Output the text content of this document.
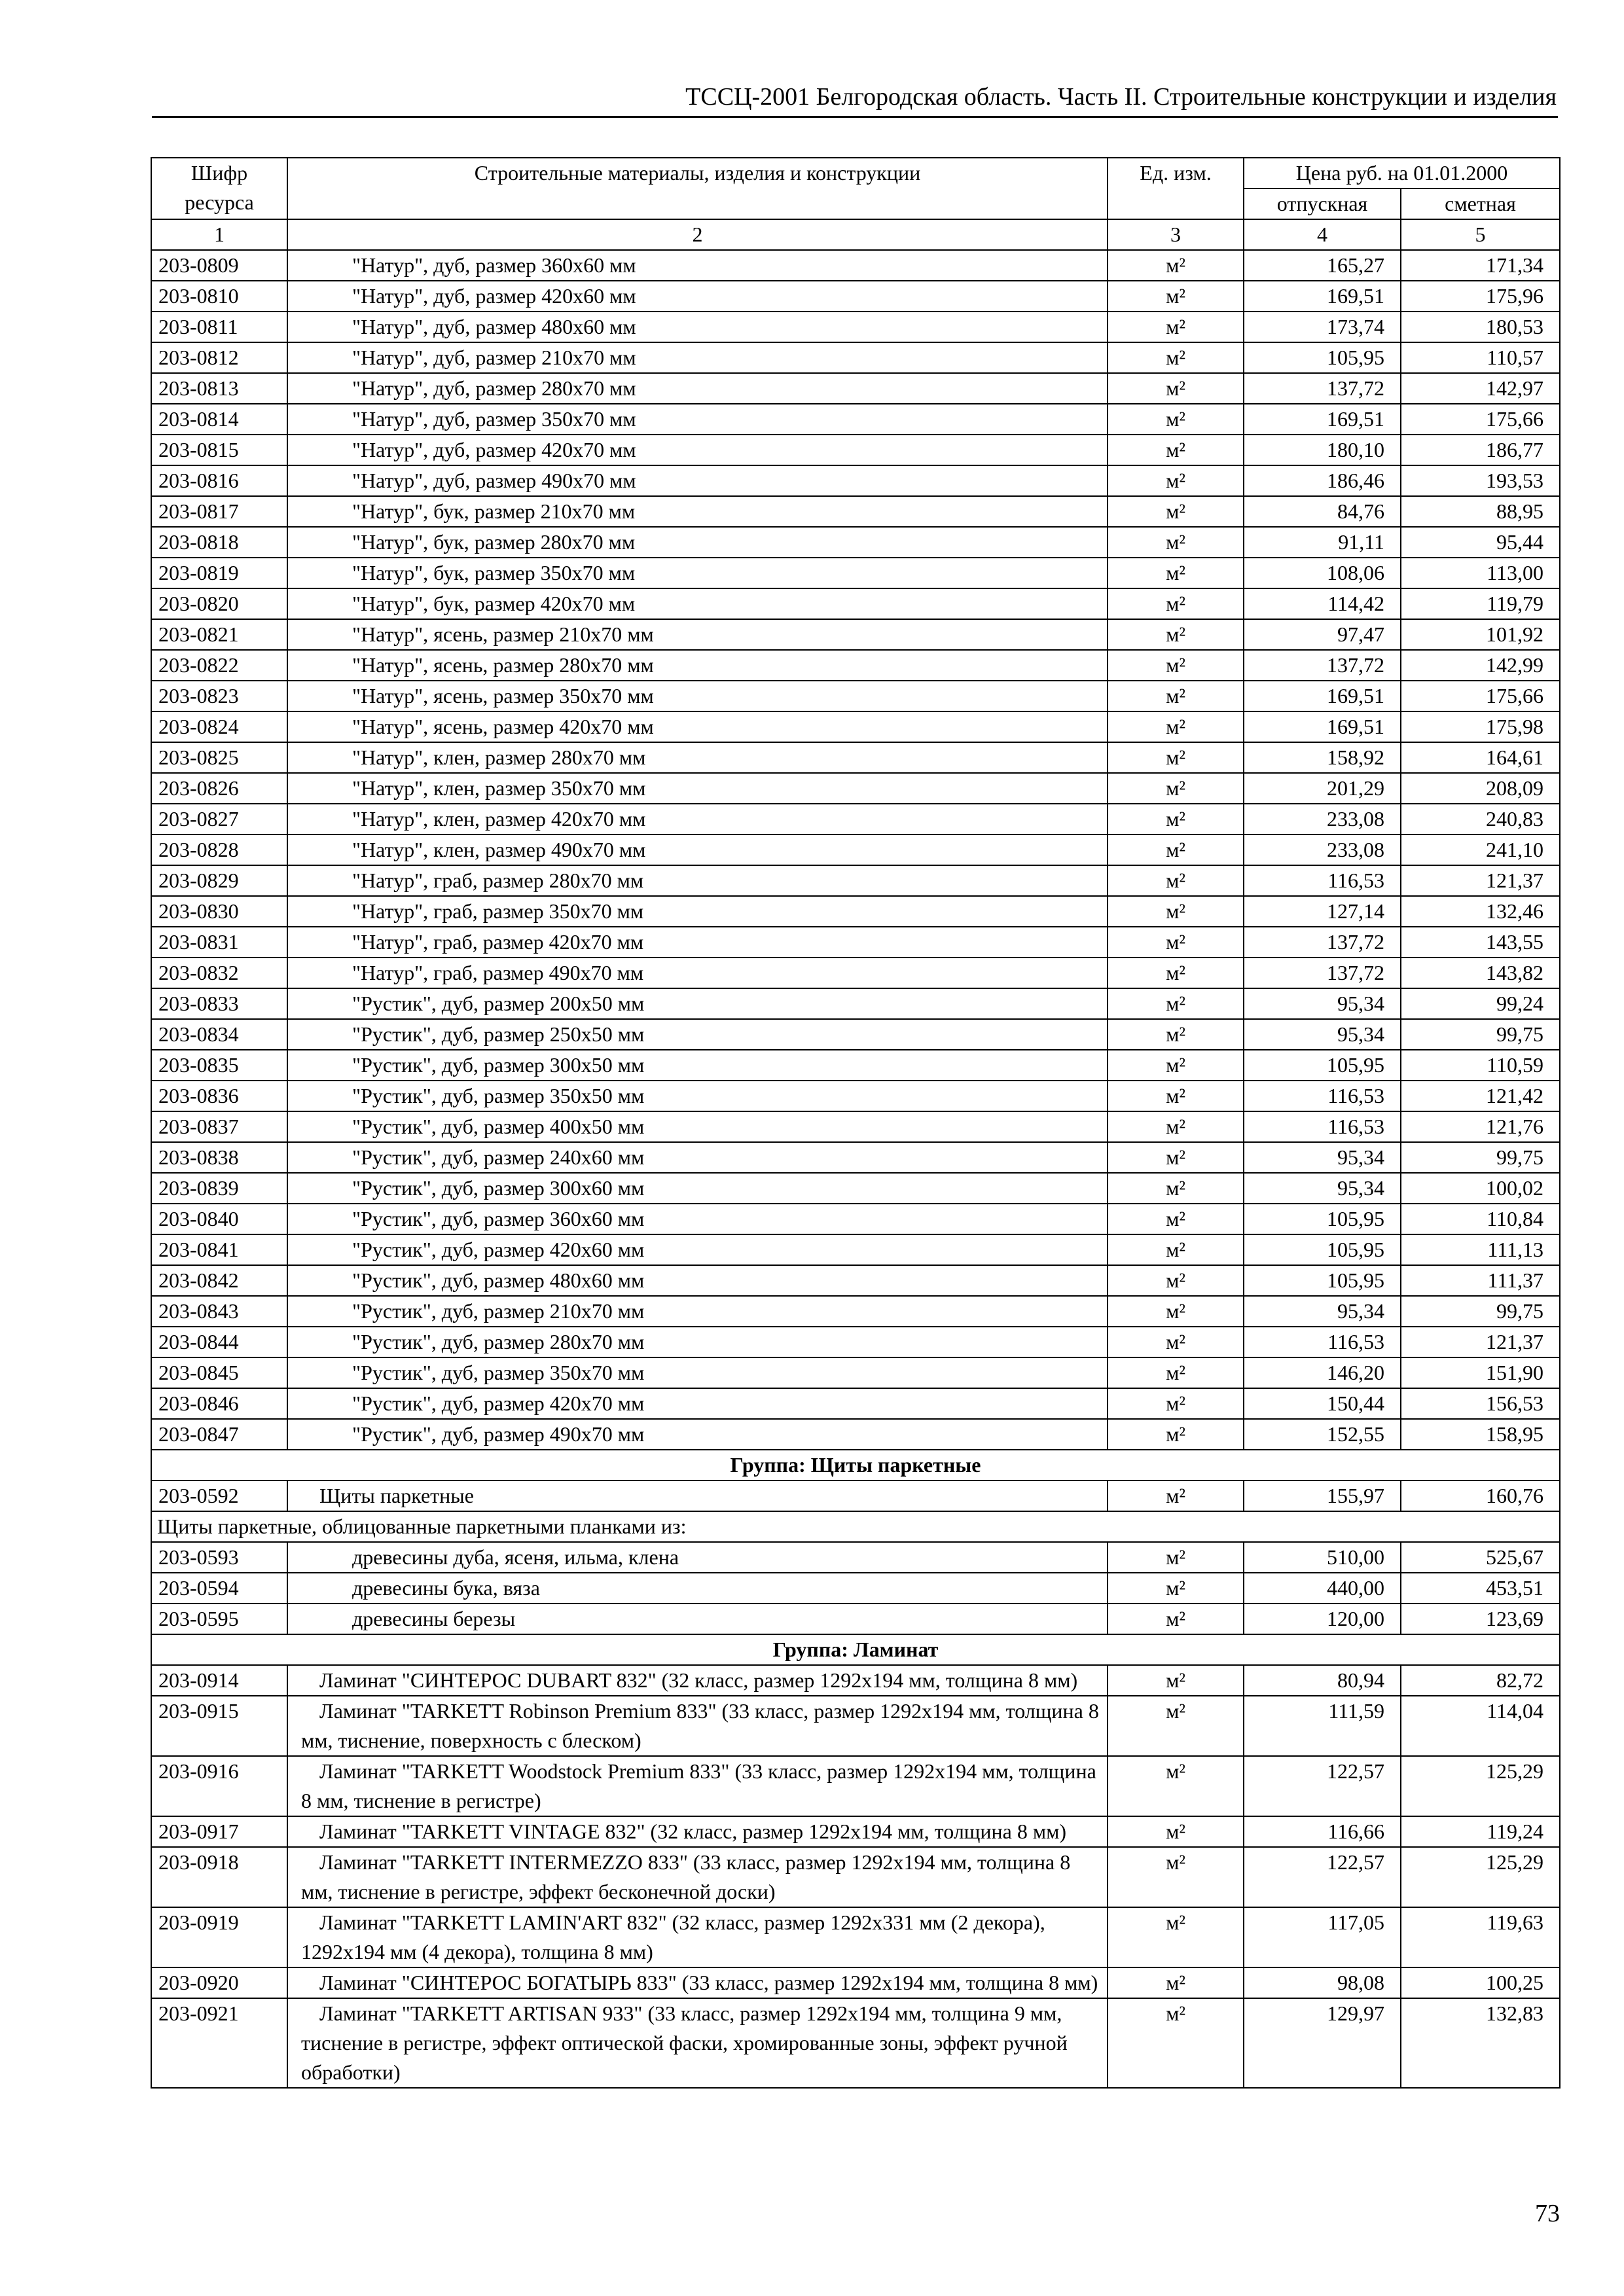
ТССЦ-2001 Белгородская область. Часть II. Строительные конструкции и изделия
Шифр ресурса	Строительные материалы, изделия и конструкции	Ед. изм.	Цена руб. на 01.01.2000	
			отпускная	сметная
1	2	3	4	5
203-0809	"Натур", дуб, размер 360х60 мм	м²	165,27	171,34
203-0810	"Натур", дуб, размер 420х60 мм	м²	169,51	175,96
203-0811	"Натур", дуб, размер 480х60 мм	м²	173,74	180,53
203-0812	"Натур", дуб, размер 210х70 мм	м²	105,95	110,57
203-0813	"Натур", дуб, размер 280х70 мм	м²	137,72	142,97
203-0814	"Натур", дуб, размер 350х70 мм	м²	169,51	175,66
203-0815	"Натур", дуб, размер 420х70 мм	м²	180,10	186,77
203-0816	"Натур", дуб, размер 490х70 мм	м²	186,46	193,53
203-0817	"Натур", бук, размер 210х70 мм	м²	84,76	88,95
203-0818	"Натур", бук, размер 280х70 мм	м²	91,11	95,44
203-0819	"Натур", бук, размер 350х70 мм	м²	108,06	113,00
203-0820	"Натур", бук, размер 420х70 мм	м²	114,42	119,79
203-0821	"Натур", ясень, размер 210х70 мм	м²	97,47	101,92
203-0822	"Натур", ясень, размер 280х70 мм	м²	137,72	142,99
203-0823	"Натур", ясень, размер 350х70 мм	м²	169,51	175,66
203-0824	"Натур", ясень, размер 420х70 мм	м²	169,51	175,98
203-0825	"Натур", клен, размер 280х70 мм	м²	158,92	164,61
203-0826	"Натур", клен, размер 350х70 мм	м²	201,29	208,09
203-0827	"Натур", клен, размер 420х70 мм	м²	233,08	240,83
203-0828	"Натур", клен, размер 490х70 мм	м²	233,08	241,10
203-0829	"Натур", граб, размер 280х70 мм	м²	116,53	121,37
203-0830	"Натур", граб, размер 350х70 мм	м²	127,14	132,46
203-0831	"Натур", граб, размер 420х70 мм	м²	137,72	143,55
203-0832	"Натур", граб, размер 490х70 мм	м²	137,72	143,82
203-0833	"Рустик", дуб, размер 200х50 мм	м²	95,34	99,24
203-0834	"Рустик", дуб, размер 250х50 мм	м²	95,34	99,75
203-0835	"Рустик", дуб, размер 300х50 мм	м²	105,95	110,59
203-0836	"Рустик", дуб, размер 350х50 мм	м²	116,53	121,42
203-0837	"Рустик", дуб, размер 400х50 мм	м²	116,53	121,76
203-0838	"Рустик", дуб, размер 240х60 мм	м²	95,34	99,75
203-0839	"Рустик", дуб, размер 300х60 мм	м²	95,34	100,02
203-0840	"Рустик", дуб, размер 360х60 мм	м²	105,95	110,84
203-0841	"Рустик", дуб, размер 420х60 мм	м²	105,95	111,13
203-0842	"Рустик", дуб, размер 480х60 мм	м²	105,95	111,37
203-0843	"Рустик", дуб, размер 210х70 мм	м²	95,34	99,75
203-0844	"Рустик", дуб, размер 280х70 мм	м²	116,53	121,37
203-0845	"Рустик", дуб, размер 350х70 мм	м²	146,20	151,90
203-0846	"Рустик", дуб, размер 420х70 мм	м²	150,44	156,53
203-0847	"Рустик", дуб, размер 490х70 мм	м²	152,55	158,95
Группа: Щиты паркетные				
203-0592	Щиты паркетные	м²	155,97	160,76
Щиты паркетные, облицованные паркетными планками из:				
203-0593	древесины дуба, ясеня, ильма, клена	м²	510,00	525,67
203-0594	древесины бука, вяза	м²	440,00	453,51
203-0595	древесины березы	м²	120,00	123,69
Группа: Ламинат				
203-0914	Ламинат "СИНТЕРОС DUBART 832" (32 класс, размер 1292х194 мм, толщина 8 мм)	м²	80,94	82,72
203-0915	Ламинат "TARKETT Robinson Premium 833" (33 класс, размер 1292х194 мм, толщина 8 мм, тиснение, поверхность с блеском)	м²	111,59	114,04
203-0916	Ламинат "TARKETT Woodstock Premium 833" (33 класс, размер 1292х194 мм, толщина 8 мм, тиснение в регистре)	м²	122,57	125,29
203-0917	Ламинат "TARKETT VINTAGE 832" (32 класс, размер 1292х194 мм, толщина 8 мм)	м²	116,66	119,24
203-0918	Ламинат "TARKETT INTERMEZZO 833" (33 класс, размер 1292х194 мм, толщина 8 мм, тиснение в регистре, эффект бесконечной доски)	м²	122,57	125,29
203-0919	Ламинат "TARKETT LAMIN'ART 832" (32 класс, размер 1292х331 мм (2 декора), 1292х194 мм (4 декора), толщина 8 мм)	м²	117,05	119,63
203-0920	Ламинат "СИНТЕРОС БОГАТЫРЬ 833" (33 класс, размер 1292х194 мм, толщина 8 мм)	м²	98,08	100,25
203-0921	Ламинат "TARKETT ARTISAN 933" (33 класс, размер 1292х194 мм, толщина 9 мм, тиснение в регистре, эффект оптической фаски, хромированные зоны, эффект ручной обработки)	м²	129,97	132,83
73
